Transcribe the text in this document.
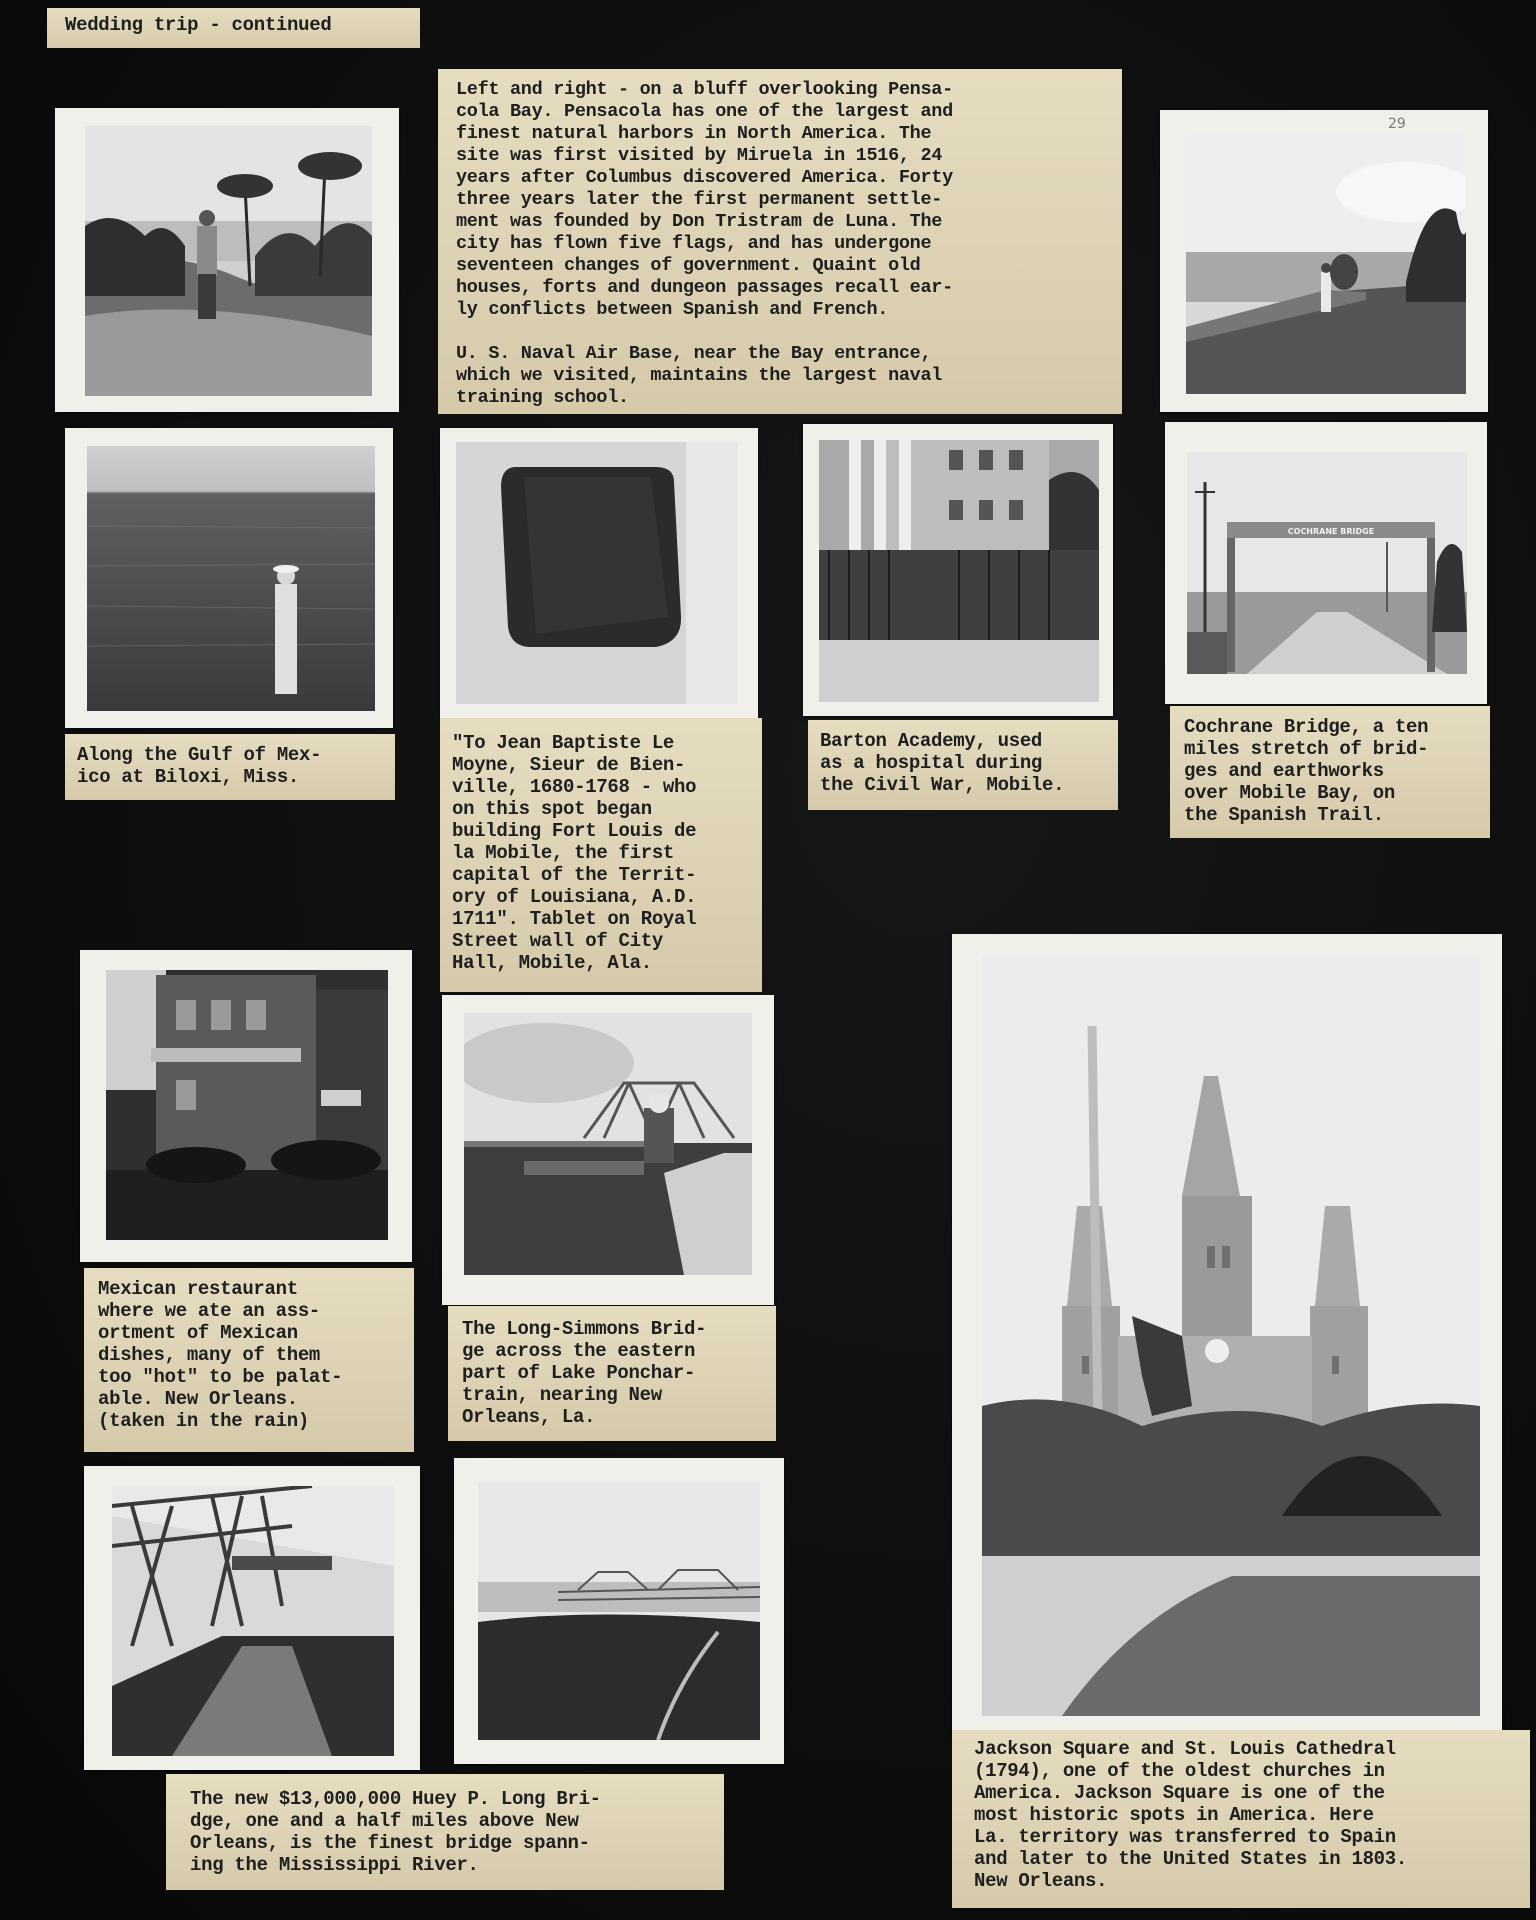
Wedding trip - continued
Left and right - on a bluff overlooking Pensa-
cola Bay. Pensacola has one of the largest and
finest natural harbors in North America. The
site was first visited by Miruela in 1516, 24
years after Columbus discovered America. Forty
three years later the first permanent settle-
ment was founded by Don Tristram de Luna. The
city has flown five flags, and has undergone
seventeen changes of government. Quaint old
houses, forts and dungeon passages recall ear-
ly conflicts between Spanish and French.

U. S. Naval Air Base, near the Bay entrance,
which we visited, maintains the largest naval
training school.
29
COCHRANE BRIDGE
Along the Gulf of Mex-
ico at Biloxi, Miss.
"To Jean Baptiste Le
Moyne, Sieur de Bien-
ville, 1680-1768 - who
on this spot began
building Fort Louis de
la Mobile, the first
capital of the Territ-
ory of Louisiana, A.D.
1711". Tablet on Royal
Street wall of City
Hall, Mobile, Ala.
Barton Academy, used
as a hospital during
the Civil War, Mobile.
Cochrane Bridge, a ten
miles stretch of brid-
ges and earthworks
over Mobile Bay, on
the Spanish Trail.
Mexican restaurant
where we ate an ass-
ortment of Mexican
dishes, many of them
too "hot" to be palat-
able. New Orleans.
(taken in the rain)
The Long-Simmons Brid-
ge across the eastern
part of Lake Ponchar-
train, nearing New
Orleans, La.
The new $13,000,000 Huey P. Long Bri-
dge, one and a half miles above New
Orleans, is the finest bridge spann-
ing the Mississippi River.
Jackson Square and St. Louis Cathedral
(1794), one of the oldest churches in
America. Jackson Square is one of the
most historic spots in America. Here
La. territory was transferred to Spain
and later to the United States in 1803.
New Orleans.
